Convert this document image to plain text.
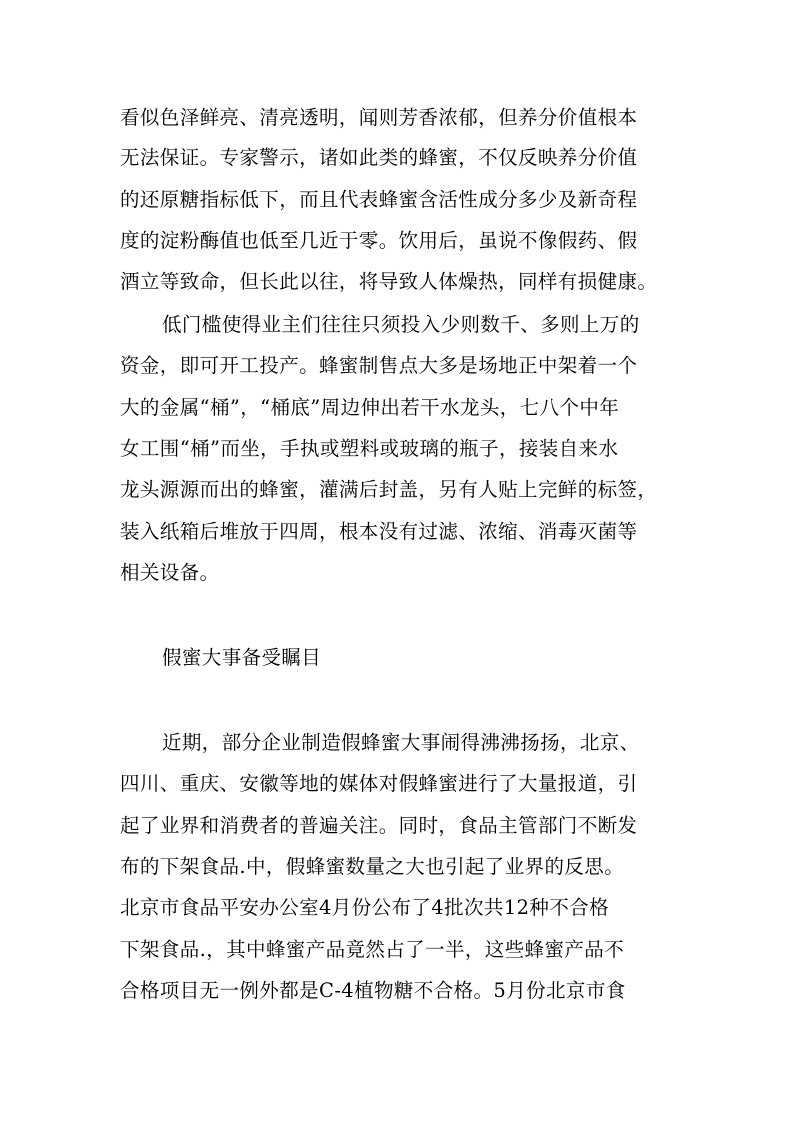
看似色泽鲜亮、清亮透明，闻则芳香浓郁，但养分价值根本
无法保证。专家警示，诸如此类的蜂蜜，不仅反映养分价值
的还原糖指标低下，而且代表蜂蜜含活性成分多少及新奇程
度的淀粉酶值也低至几近于零。饮用后，虽说不像假药、假
酒立等致命，但长此以往，将导致人体燥热，同样有损健康。
低门槛使得业主们往往只须投入少则数千、多则上万的
资金，即可开工投产。蜂蜜制售点大多是场地正中架着一个
大的金属“桶”，“桶底”周边伸出若干水龙头，七八个中年
女工围“桶”而坐，手执或塑料或玻璃的瓶子，接装自来水
龙头源源而出的蜂蜜，灌满后封盖，另有人贴上完鲜的标签，
装入纸箱后堆放于四周，根本没有过滤、浓缩、消毒灭菌等
相关设备。
假蜜大事备受瞩目
近期，部分企业制造假蜂蜜大事闹得沸沸扬扬，北京、
四川、重庆、安徽等地的媒体对假蜂蜜进行了大量报道，引
起了业界和消费者的普遍关注。同时，食品主管部门不断发
布的下架食品.中，假蜂蜜数量之大也引起了业界的反思。
北京市食品平安办公室4月份公布了4批次共12种不合格
下架食品.，其中蜂蜜产品竟然占了一半，这些蜂蜜产品不
合格项目无一例外都是C-4植物糖不合格。5月份北京市食
